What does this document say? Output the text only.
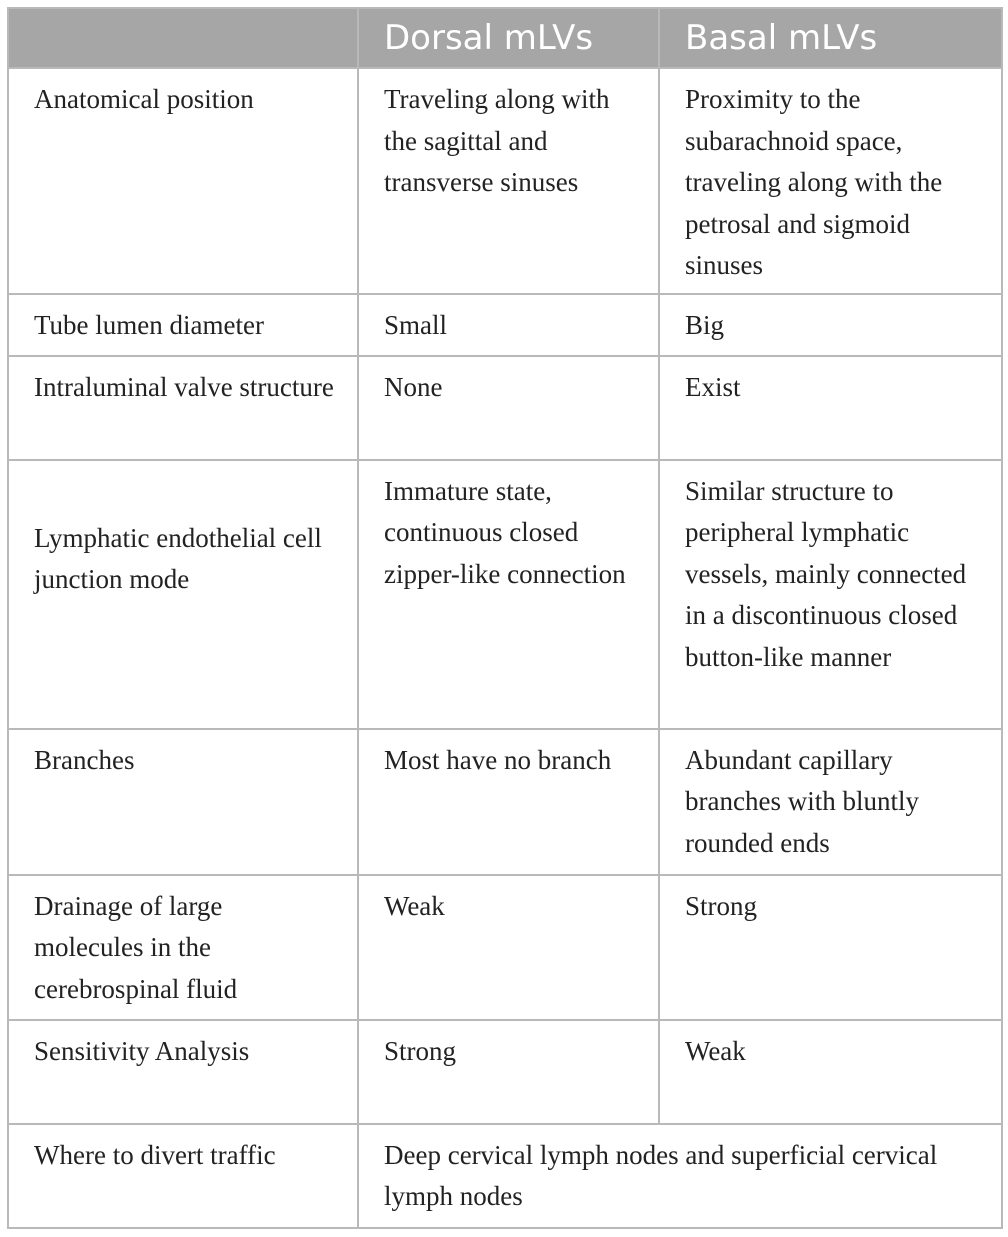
	Dorsal mLVs	Basal mLVs
Anatomical position	Traveling along with the sagittal and transverse sinuses	Proximity to the subarachnoid space, traveling along with the petrosal and sigmoid sinuses
Tube lumen diameter	Small	Big
Intraluminal valve structure	None	Exist
Lymphatic endothelial cell junction mode	Immature state, continuous closed zipper-like connection	Similar structure to peripheral lymphatic vessels, mainly connected in a discontinuous closed button-like manner
Branches	Most have no branch	Abundant capillary branches with bluntly rounded ends
Drainage of large molecules in the cerebrospinal fluid	Weak	Strong
Sensitivity Analysis	Strong	Weak
Where to divert traffic	Deep cervical lymph nodes and superficial cervical lymph nodes	
